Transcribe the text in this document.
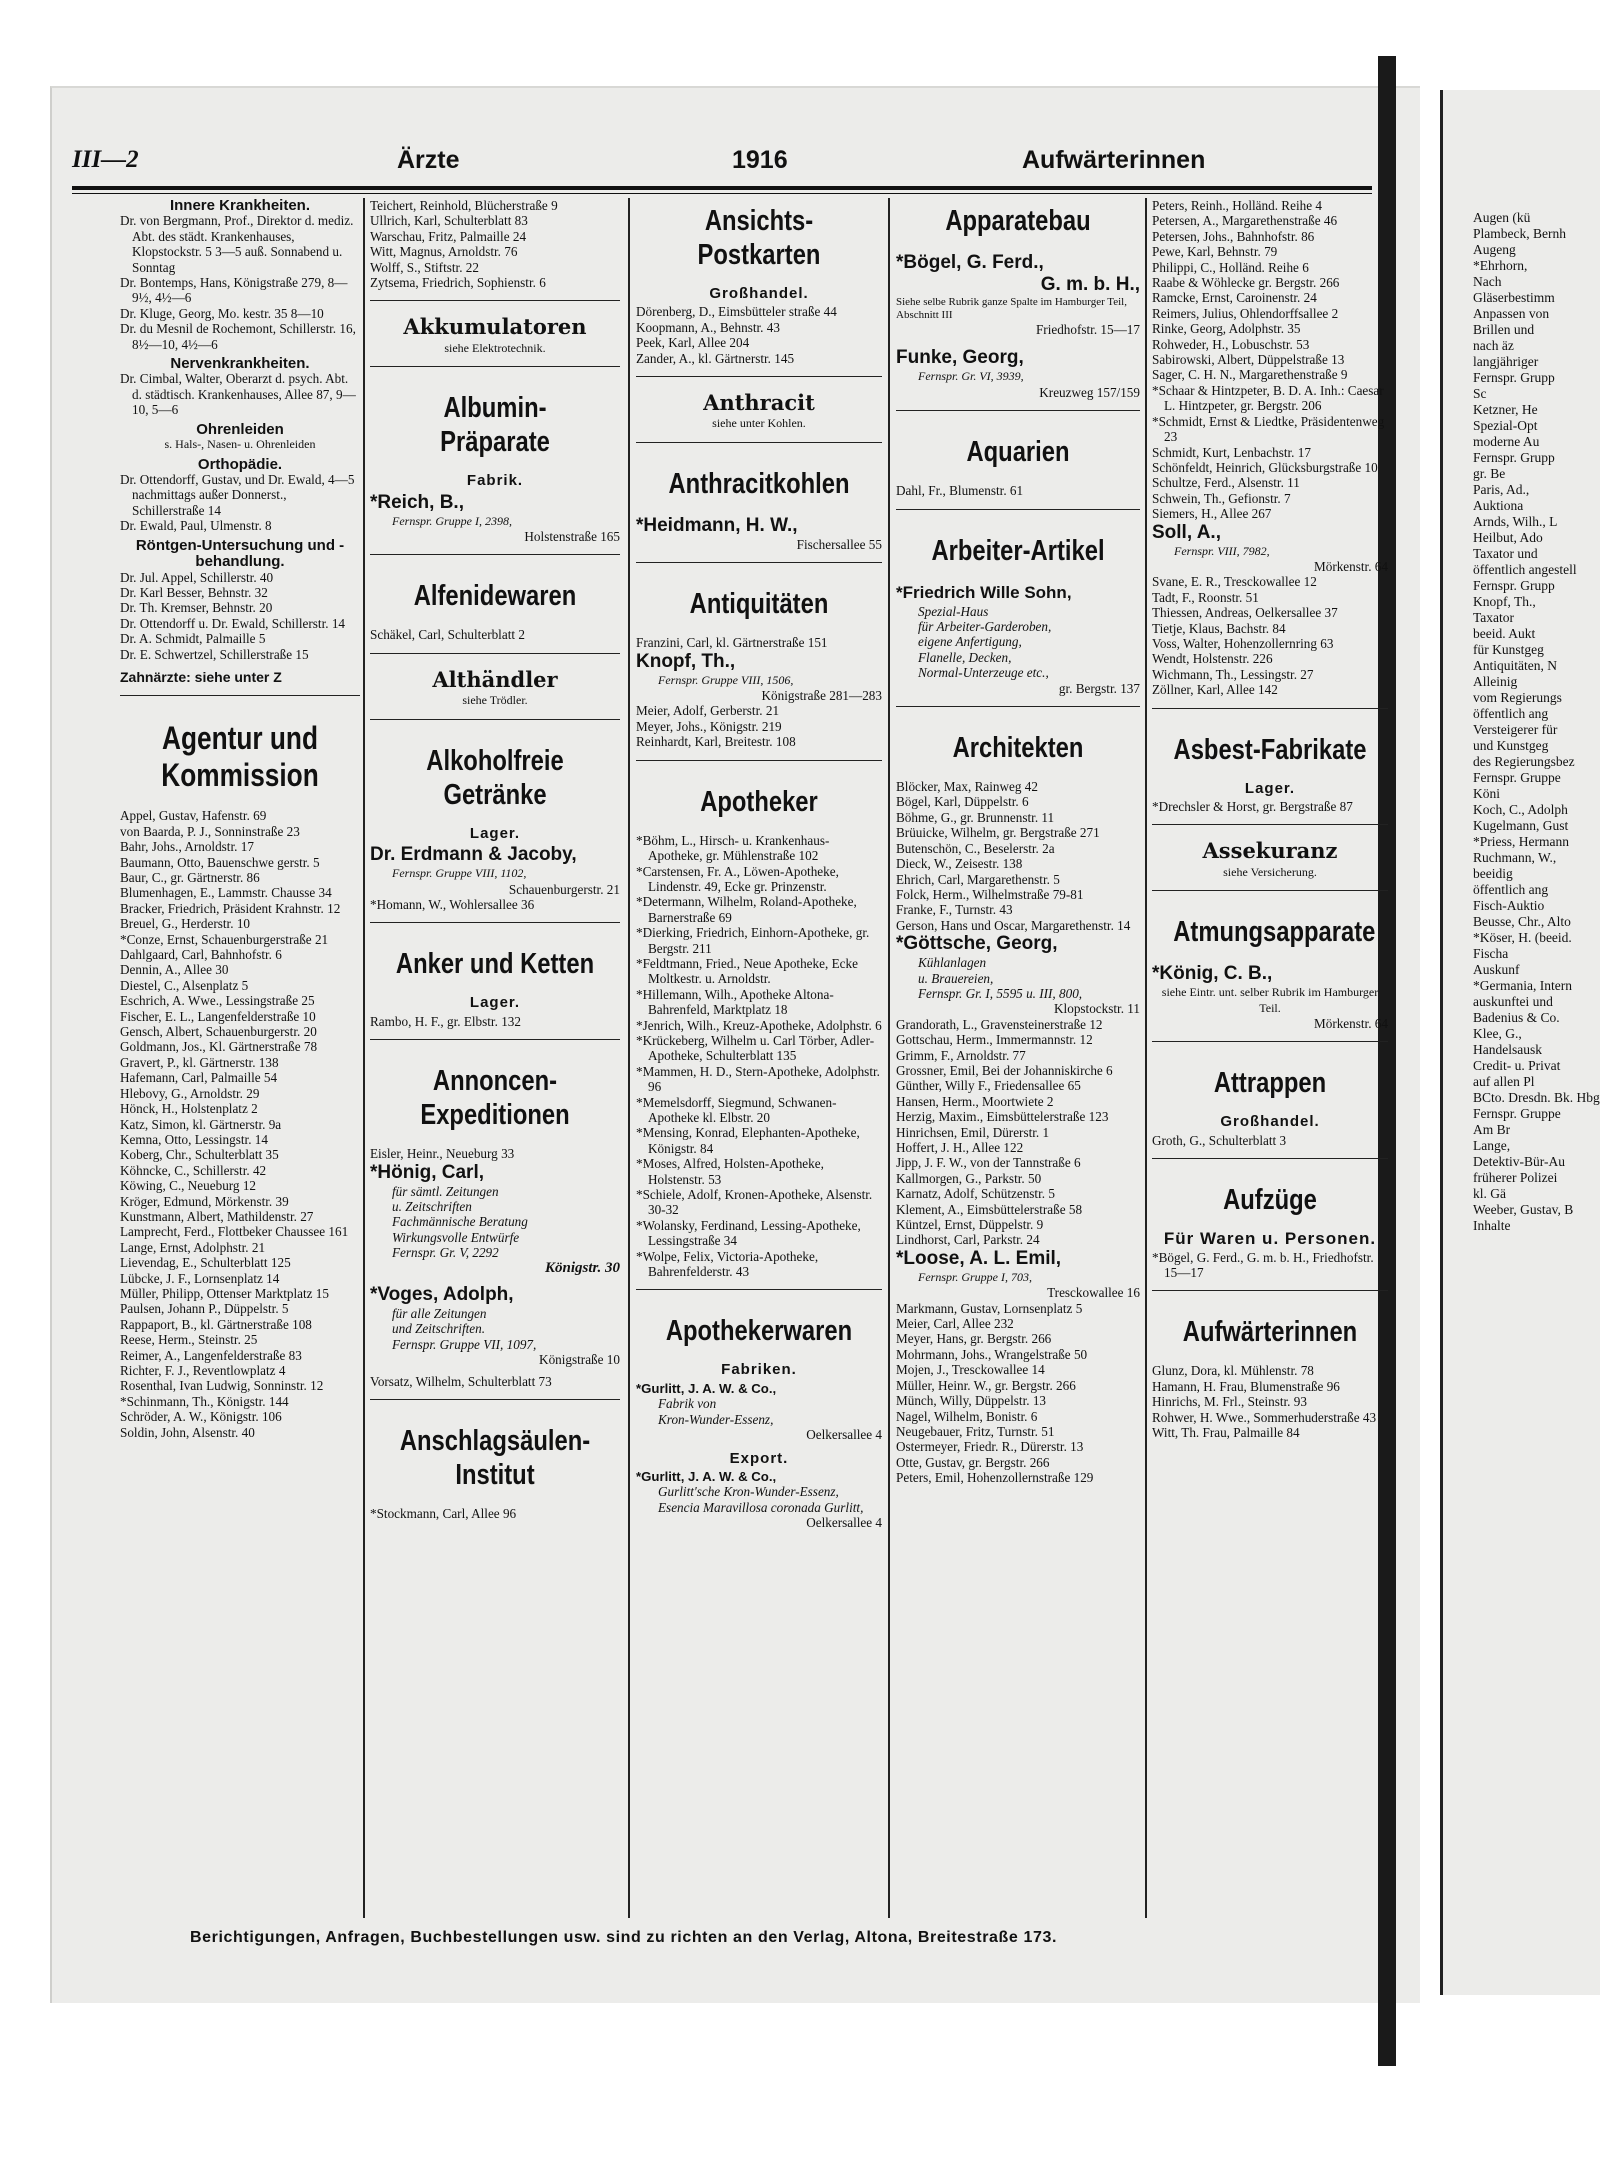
III—2	Ärzte	1916	Aufwärterinnen
Innere Krankheiten.
Dr. von Bergmann, Prof., Direktor d. mediz. Abt. des städt. Krankenhauses, Klopstockstr. 5 3—5 auß. Sonnabend u. Sonntag
Dr. Bontemps, Hans, Königstraße 279, 8—9½, 4½—6
Dr. Kluge, Georg, Mo. kestr. 35 8—10
Dr. du Mesnil de Rochemont, Schillerstr. 16, 8½—10, 4½—6
Nervenkrankheiten.
Dr. Cimbal, Walter, Oberarzt d. psych. Abt. d. städtisch. Krankenhauses, Allee 87, 9—10, 5—6
Ohrenleiden
s. Hals-, Nasen- u. Ohrenleiden
Orthopädie.
Dr. Ottendorff, Gustav, und Dr. Ewald, 4—5 nachmittags außer Donnerst., Schillerstraße 14
Dr. Ewald, Paul, Ulmenstr. 8
Röntgen-Untersuchung und -behandlung.
Dr. Jul. Appel, Schillerstr. 40
Dr. Karl Besser, Behnstr. 32
Dr. Th. Kremser, Behnstr. 20
Dr. Ottendorff u. Dr. Ewald, Schillerstr. 14
Dr. A. Schmidt, Palmaille 5
Dr. E. Schwertzel, Schillerstraße 15
Zahnärzte: siehe unter Z
Agentur und Kommission
Appel, Gustav, Hafenstr. 69
von Baarda, P. J., Sonninstraße 23
Bahr, Johs., Arnoldstr. 17
Baumann, Otto, Bauenschwe gerstr. 5
Baur, C., gr. Gärtnerstr. 86
Blumenhagen, E., Lammstr. Chausse 34
Bracker, Friedrich, Präsident Krahnstr. 12
Breuel, G., Herderstr. 10
*Conze, Ernst, Schauenburgerstraße 21
Dahlgaard, Carl, Bahnhofstr. 6
Dennin, A., Allee 30
Diestel, C., Alsenplatz 5
Eschrich, A. Wwe., Lessingstraße 25
Fischer, E. L., Langenfelderstraße 10
Gensch, Albert, Schauenburgerstr. 20
Goldmann, Jos., Kl. Gärtnerstraße 78
Gravert, P., kl. Gärtnerstr. 138
Hafemann, Carl, Palmaille 54
Hlebovy, G., Arnoldstr. 29
Hönck, H., Holstenplatz 2
Katz, Simon, kl. Gärtnerstr. 9a
Kemna, Otto, Lessingstr. 14
Koberg, Chr., Schulterblatt 35
Köhncke, C., Schillerstr. 42
Köwing, C., Neueburg 12
Kröger, Edmund, Mörkenstr. 39
Kunstmann, Albert, Mathildenstr. 27
Lamprecht, Ferd., Flottbeker Chaussee 161
Lange, Ernst, Adolphstr. 21
Lievendag, E., Schulterblatt 125
Lübcke, J. F., Lornsenplatz 14
Müller, Philipp, Ottenser Marktplatz 15
Paulsen, Johann P., Düppelstr. 5
Rappaport, B., kl. Gärtnerstraße 108
Reese, Herm., Steinstr. 25
Reimer, A., Langenfelderstraße 83
Richter, F. J., Reventlowplatz 4
Rosenthal, Ivan Ludwig, Sonninstr. 12
*Schinmann, Th., Königstr. 144
Schröder, A. W., Königstr. 106
Soldin, John, Alsenstr. 40
Teichert, Reinhold, Blücherstraße 9
Ullrich, Karl, Schulterblatt 83
Warschau, Fritz, Palmaille 24
Witt, Magnus, Arnoldstr. 76
Wolff, S., Stiftstr. 22
Zytsema, Friedrich, Sophienstr. 6
Akkumulatoren
siehe Elektrotechnik.
Albumin-Präparate
Fabrik.
*Reich, B.,
Fernspr. Gruppe I, 2398,
Holstenstraße 165
Alfenidewaren
Schäkel, Carl, Schulterblatt 2
Althändler
siehe Trödler.
Alkoholfreie Getränke
Lager.
Dr. Erdmann & Jacoby,
Fernspr. Gruppe VIII, 1102,
Schauenburgerstr. 21
*Homann, W., Wohlersallee 36
Anker und Ketten
Lager.
Rambo, H. F., gr. Elbstr. 132
Annoncen-Expeditionen
Eisler, Heinr., Neueburg 33
*Hönig, Carl,
für sämtl. Zeitungen
u. Zeitschriften
Fachmännische Beratung
Wirkungsvolle Entwürfe
Fernspr. Gr. V, 2292
Königstr. 30
*Voges, Adolph,
für alle Zeitungen
und Zeitschriften.
Fernspr. Gruppe VII, 1097,
Königstraße 10
Vorsatz, Wilhelm, Schulterblatt 73
Anschlagsäulen-Institut
*Stockmann, Carl, Allee 96
Ansichts-Postkarten
Großhandel.
Dörenberg, D., Eimsbütteler straße 44
Koopmann, A., Behnstr. 43
Peek, Karl, Allee 204
Zander, A., kl. Gärtnerstr. 145
Anthracit
siehe unter Kohlen.
Anthracitkohlen
*Heidmann, H. W.,
Fischersallee 55
Antiquitäten
Franzini, Carl, kl. Gärtnerstraße 151
Knopf, Th.,
Fernspr. Gruppe VIII, 1506,
Königstraße 281—283
Meier, Adolf, Gerberstr. 21
Meyer, Johs., Königstr. 219
Reinhardt, Karl, Breitestr. 108
Apotheker
*Böhm, L., Hirsch- u. Krankenhaus-Apotheke, gr. Mühlenstraße 102
*Carstensen, Fr. A., Löwen-Apotheke, Lindenstr. 49, Ecke gr. Prinzenstr.
*Determann, Wilhelm, Roland-Apotheke, Barnerstraße 69
*Dierking, Friedrich, Einhorn-Apotheke, gr. Bergstr. 211
*Feldtmann, Fried., Neue Apotheke, Ecke Moltkestr. u. Arnoldstr.
*Hillemann, Wilh., Apotheke Altona-Bahrenfeld, Marktplatz 18
*Jenrich, Wilh., Kreuz-Apotheke, Adolphstr. 6
*Krückeberg, Wilhelm u. Carl Törber, Adler-Apotheke, Schulterblatt 135
*Mammen, H. D., Stern-Apotheke, Adolphstr. 96
*Memelsdorff, Siegmund, Schwanen-Apotheke kl. Elbstr. 20
*Mensing, Konrad, Elephanten-Apotheke, Königstr. 84
*Moses, Alfred, Holsten-Apotheke, Holstenstr. 53
*Schiele, Adolf, Kronen-Apotheke, Alsenstr. 30-32
*Wolansky, Ferdinand, Lessing-Apotheke, Lessingstraße 34
*Wolpe, Felix, Victoria-Apotheke, Bahrenfelderstr. 43
Apothekerwaren
Fabriken.
*Gurlitt, J. A. W. & Co.,
Fabrik von
Kron-Wunder-Essenz,
Oelkersallee 4
Export.
*Gurlitt, J. A. W. & Co.,
Gurlitt'sche Kron-Wunder-Essenz, Esencia Maravillosa coronada Gurlitt,
Oelkersallee 4
Apparatebau
*Bögel, G. Ferd.,
G. m. b. H.,
Siehe selbe Rubrik ganze Spalte im Hamburger Teil, Abschnitt III
Friedhofstr. 15—17
Funke, Georg,
Fernspr. Gr. VI, 3939,
Kreuzweg 157/159
Aquarien
Dahl, Fr., Blumenstr. 61
Arbeiter-Artikel
*Friedrich Wille Sohn,
Spezial-Haus
für Arbeiter-Garderoben,
eigene Anfertigung,
Flanelle, Decken,
Normal-Unterzeuge etc.,
gr. Bergstr. 137
Architekten
Blöcker, Max, Rainweg 42
Bögel, Karl, Düppelstr. 6
Böhme, G., gr. Brunnenstr. 11
Brüuicke, Wilhelm, gr. Bergstraße 271
Butenschön, C., Beselerstr. 2a
Dieck, W., Zeisestr. 138
Ehrich, Carl, Margarethenstr. 5
Folck, Herm., Wilhelmstraße 79-81
Franke, F., Turnstr. 43
Gerson, Hans und Oscar, Margarethenstr. 14
*Göttsche, Georg,
Kühlanlagen
u. Brauereien,
Fernspr. Gr. I, 5595 u. III, 800,
Klopstockstr. 11
Grandorath, L., Gravensteinerstraße 12
Gottschau, Herm., Immermannstr. 12
Grimm, F., Arnoldstr. 77
Grossner, Emil, Bei der Johanniskirche 6
Günther, Willy F., Friedensallee 65
Hansen, Herm., Moortwiete 2
Herzig, Maxim., Eimsbüttelerstraße 123
Hinrichsen, Emil, Dürerstr. 1
Hoffert, J. H., Allee 122
Jipp, J. F. W., von der Tannstraße 6
Kallmorgen, G., Parkstr. 50
Karnatz, Adolf, Schützenstr. 5
Klement, A., Eimsbüttelerstraße 58
Küntzel, Ernst, Düppelstr. 9
Lindhorst, Carl, Parkstr. 24
*Loose, A. L. Emil,
Fernspr. Gruppe I, 703,
Tresckowallee 16
Markmann, Gustav, Lornsenplatz 5
Meier, Carl, Allee 232
Meyer, Hans, gr. Bergstr. 266
Mohrmann, Johs., Wrangelstraße 50
Mojen, J., Tresckowallee 14
Müller, Heinr. W., gr. Bergstr. 266
Münch, Willy, Düppelstr. 13
Nagel, Wilhelm, Bonistr. 6
Neugebauer, Fritz, Turnstr. 51
Ostermeyer, Friedr. R., Dürerstr. 13
Otte, Gustav, gr. Bergstr. 266
Peters, Emil, Hohenzollernstraße 129
Peters, Reinh., Holländ. Reihe 4
Petersen, A., Margarethenstraße 46
Petersen, Johs., Bahnhofstr. 86
Pewe, Karl, Behnstr. 79
Philippi, C., Holländ. Reihe 6
Raabe & Wöhlecke gr. Bergstr. 266
Ramcke, Ernst, Caroinenstr. 24
Reimers, Julius, Ohlendorffsallee 2
Rinke, Georg, Adolphstr. 35
Rohweder, H., Lobuschstr. 53
Sabirowski, Albert, Düppelstraße 13
Sager, C. H. N., Margarethenstraße 9
*Schaar & Hintzpeter, B. D. A. Inh.: Caesar L. Hintzpeter, gr. Bergstr. 206
*Schmidt, Ernst & Liedtke, Präsidentenweg 23
Schmidt, Kurt, Lenbachstr. 17
Schönfeldt, Heinrich, Glücksburgstraße 10
Schultze, Ferd., Alsenstr. 11
Schwein, Th., Gefionstr. 7
Siemers, H., Allee 267
Soll, A.,
Fernspr. VIII, 7982,
Mörkenstr. 64
Svane, E. R., Tresckowallee 12
Tadt, F., Roonstr. 51
Thiessen, Andreas, Oelkersallee 37
Tietje, Klaus, Bachstr. 84
Voss, Walter, Hohenzollernring 63
Wendt, Holstenstr. 226
Wichmann, Th., Lessingstr. 27
Zöllner, Karl, Allee 142
Asbest-Fabrikate
Lager.
*Drechsler & Horst, gr. Bergstraße 87
Assekuranz
siehe Versicherung.
Atmungsapparate
*König, C. B.,
siehe Eintr. unt. selber Rubrik im Hamburger Teil.
Mörkenstr. 64
Attrappen
Großhandel.
Groth, G., Schulterblatt 3
Aufzüge
Für Waren u. Personen.
*Bögel, G. Ferd., G. m. b. H., Friedhofstr. 15—17
Aufwärterinnen
Glunz, Dora, kl. Mühlenstr. 78
Hamann, H. Frau, Blumenstraße 96
Hinrichs, M. Frl., Steinstr. 93
Rohwer, H. Wwe., Sommerhuderstraße 43
Witt, Th. Frau, Palmaille 84
Berichtigungen, Anfragen, Buchbestellungen usw. sind zu richten an den Verlag, Altona, Breitestraße 173.
Augen (kü
Plambeck, Bernh
Augeng
*Ehrhorn,
Nach
Gläserbestimm
Anpassen von
Brillen und
nach äz
langjähriger
Fernspr. Grupp
Sc
Ketzner, He
Spezial-Opt
moderne Au
Fernspr. Grupp
gr. Be
Paris, Ad.,
Auktiona
Arnds, Wilh., L
Heilbut, Ado
Taxator und
öffentlich angestell
Fernspr. Grupp
Knopf, Th.,
Taxator
beeid. Aukt
für Kunstgeg
Antiquitäten, N
Alleinig
vom Regierungs
öffentlich ang
Versteigerer für
und Kunstgeg
des Regierungsbez
Fernspr. Gruppe
Köni
Koch, C., Adolph
Kugelmann, Gust
*Priess, Hermann
Ruchmann, W.,
beeidig
öffentlich ang
Fisch-Auktio
Beusse, Chr., Alto
*Köser, H. (beeid.
Fischa
Auskunf
*Germania, Intern
auskunftei und
Badenius & Co.
Klee, G.,
Handelsausk
Credit- u. Privat
auf allen Pl
BCto. Dresdn. Bk. Hbg
Fernspr. Gruppe
Am Br
Lange,
Detektiv-Bür-Au
früherer Polizei
kl. Gä
Weeber, Gustav, B
Inhalte
